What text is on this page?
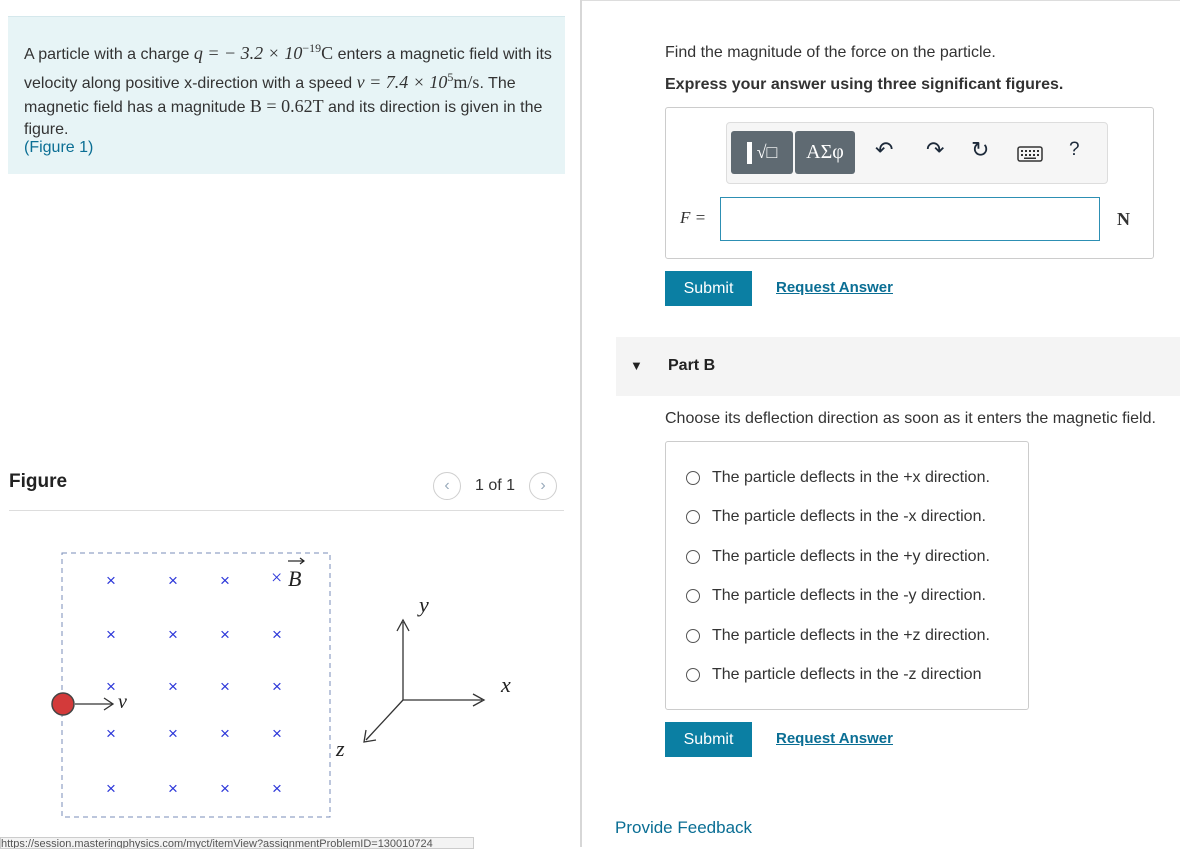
A particle with a charge q = − $3.2 \times 10^{-19}C$ enters a magnetic field with its velocity along positive x-direction with a speed $v = 7.4 \times 10^5m/s$. The magnetic field has a magnitude B = 0.62T and its direction is given in the figure.
(Figure 1)
Figure	‹	1 of 1	›
×	× ×
×	× × ×
×	× × ×
×	× × ×
×	× × ×
× B
v
y
x
z
https://session.masteringphysics.com/myct/itemView?assignmentProblemID=130010724
Find the magnitude of the force on the particle.
Express your answer using three significant figures.
√□ ΑΣφ ↶ ↷ ↻	?
F =	N
Submit	Request Answer
▼ Part B
Choose its deflection direction as soon as it enters the magnetic field.
The particle deflects in the +x direction.
The particle deflects in the -x direction.
The particle deflects in the +y direction.
The particle deflects in the -y direction.
The particle deflects in the +z direction.
The particle deflects in the -z direction
Submit	Request Answer
Provide Feedback
